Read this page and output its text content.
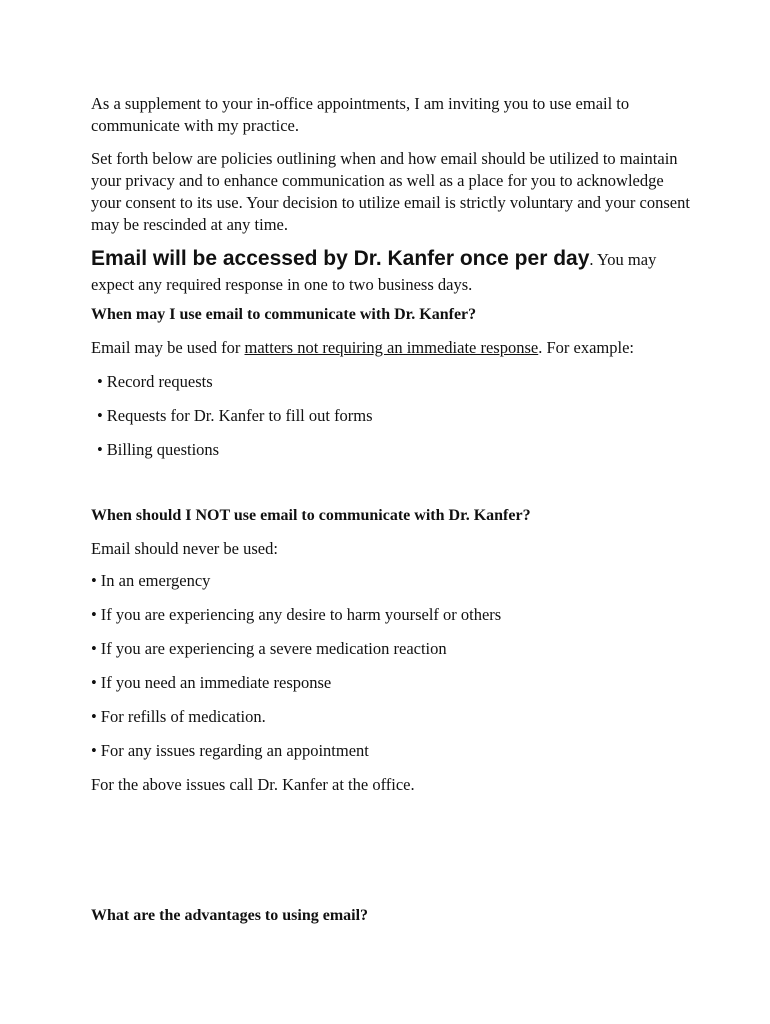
As a supplement to your in-office appointments, I am inviting you to use email to communicate with my practice.

Set forth below are policies outlining when and how email should be utilized to maintain your privacy and to enhance communication as well as a place for you to acknowledge your consent to its use. Your decision to utilize email is strictly voluntary and your consent may be rescinded at any time.

Email will be accessed by Dr. Kanfer once per day. You may expect any required response in one to two business days.

When may I use email to communicate with Dr. Kanfer?

Email may be used for matters not requiring an immediate response. For example:

• Record requests
• Requests for Dr. Kanfer to fill out forms
• Billing questions

When should I NOT use email to communicate with Dr. Kanfer?

Email should never be used:

• In an emergency
• If you are experiencing any desire to harm yourself or others
• If you are experiencing a severe medication reaction
• If you need an immediate response
• For refills of medication.
• For any issues regarding an appointment

For the above issues call Dr. Kanfer at the office.

What are the advantages to using email?
